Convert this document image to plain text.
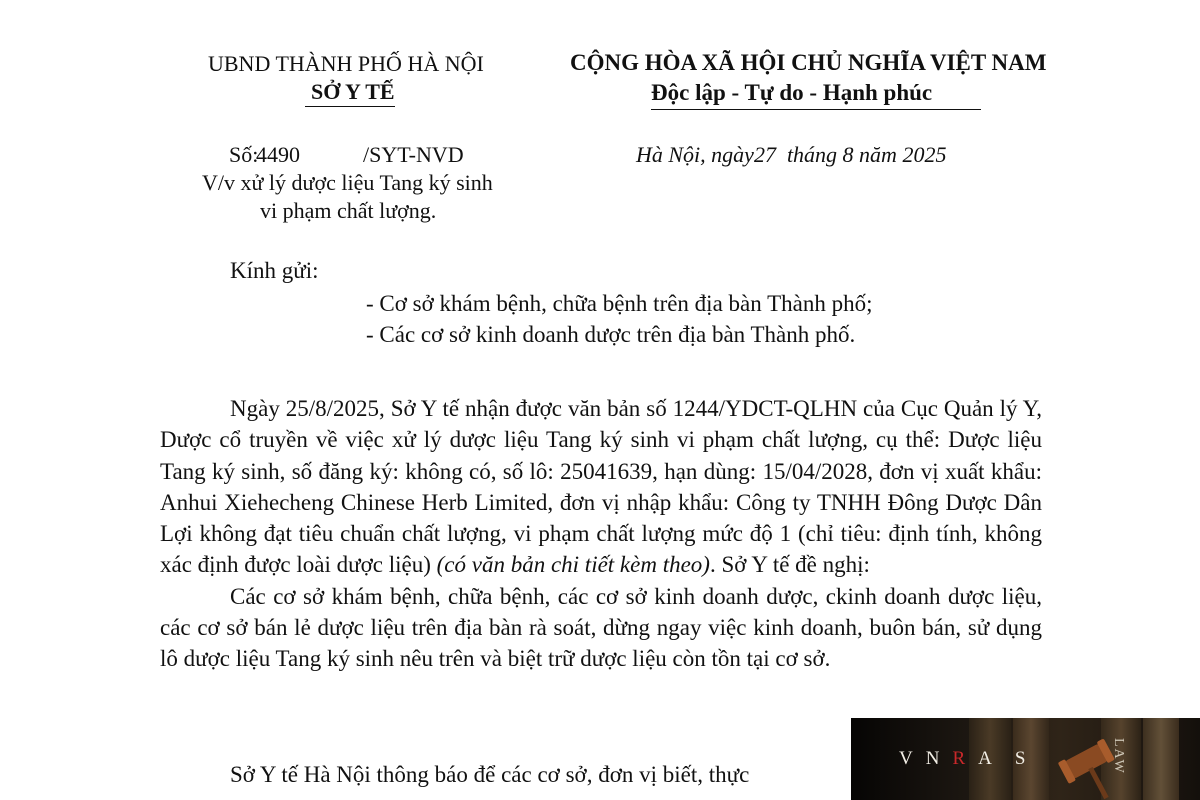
UBND THÀNH PHỐ HÀ NỘI
SỞ Y TẾ
CỘNG HÒA XÃ HỘI CHỦ NGHĨA VIỆT NAM
Độc lập - Tự do - Hạnh phúc
Số:
4490	/SYT-NVD
V/v xử lý dược liệu Tang ký sinh
vi phạm chất lượng.
Hà Nội, ngày27  tháng 8 năm 2025
Kính gửi:
- Cơ sở khám bệnh, chữa bệnh trên địa bàn Thành phố;
- Các cơ sở kinh doanh dược trên địa bàn Thành phố.

Ngày 25/8/2025, Sở Y tế nhận được văn bản số 1244/YDCT-QLHN của Cục Quản lý Y, Dược cổ truyền về việc xử lý dược liệu Tang ký sinh vi phạm chất lượng, cụ thể: Dược liệu Tang ký sinh, số đăng ký: không có, số lô: 25041639, hạn dùng: 15/04/2028, đơn vị xuất khẩu: Anhui Xiehecheng Chinese Herb Limited, đơn vị nhập khẩu: Công ty TNHH Đông Dược Dân Lợi không đạt tiêu chuẩn chất lượng, vi phạm chất lượng mức độ 1 (chỉ tiêu: định tính, không xác định được loài dược liệu) (có văn bản chi tiết kèm theo). Sở Y tế đề nghị:

Các cơ sở khám bệnh, chữa bệnh, các cơ sở kinh doanh dược, ckinh doanh dược liệu, các cơ sở bán lẻ dược liệu trên địa bàn rà soát, dừng ngay việc kinh doanh, buôn bán, sử dụng lô dược liệu Tang ký sinh nêu trên và biệt trữ dược liệu còn tồn tại cơ sở.

Sở Y tế Hà Nội thông báo để các cơ sở, đơn vị biết, thực
VNRA S	LAW
